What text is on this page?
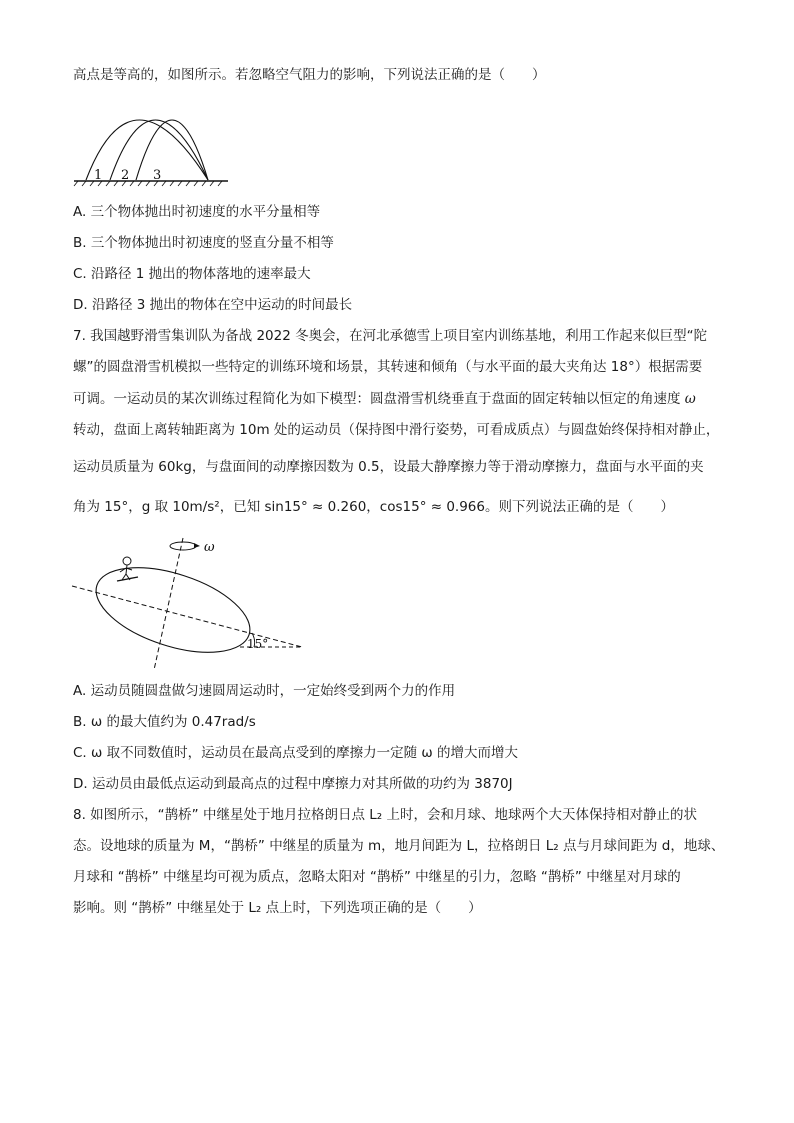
高点是等高的，如图所示。若忽略空气阻力的影响，下列说法正确的是（　　）
1 2 3
A. 三个物体抛出时初速度的水平分量相等
B. 三个物体抛出时初速度的竖直分量不相等
C. 沿路径 1 抛出的物体落地的速率最大
D. 沿路径 3 抛出的物体在空中运动的时间最长
7. 我国越野滑雪集训队为备战 2022 冬奥会，在河北承德雪上项目室内训练基地，利用工作起来似巨型“陀
螺”的圆盘滑雪机模拟一些特定的训练环境和场景，其转速和倾角（与水平面的最大夹角达 18°）根据需要
可调。一运动员的某次训练过程简化为如下模型：圆盘滑雪机绕垂直于盘面的固定转轴以恒定的角速度 ω
转动，盘面上离转轴距离为 10m 处的运动员（保持图中滑行姿势，可看成质点）与圆盘始终保持相对静止，
运动员质量为 60kg，与盘面间的动摩擦因数为 0.5，设最大静摩擦力等于滑动摩擦力，盘面与水平面的夹
角为 15°，g 取 10m/s²，已知 sin15° ≈ 0.260，cos15° ≈ 0.966。则下列说法正确的是（　　）
15°
ω
A. 运动员随圆盘做匀速圆周运动时，一定始终受到两个力的作用
B. ω 的最大值约为 0.47rad/s
C. ω 取不同数值时，运动员在最高点受到的摩擦力一定随 ω 的增大而增大
D. 运动员由最低点运动到最高点的过程中摩擦力对其所做的功约为 3870J
8. 如图所示，“鹊桥” 中继星处于地月拉格朗日点 L₂ 上时，会和月球、地球两个大天体保持相对静止的状
态。设地球的质量为 M，“鹊桥” 中继星的质量为 m，地月间距为 L，拉格朗日 L₂ 点与月球间距为 d，地球、
月球和 “鹊桥” 中继星均可视为质点，忽略太阳对 “鹊桥” 中继星的引力，忽略 “鹊桥” 中继星对月球的
影响。则 “鹊桥” 中继星处于 L₂ 点上时，下列选项正确的是（　　）
